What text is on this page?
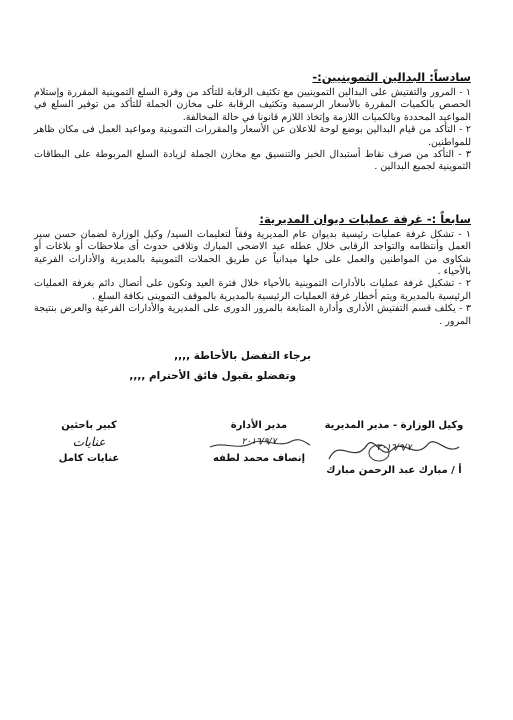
سادساً: البدالين التموينيين:-

١ - المرور والتفتيش على البدالين التموينيين مع تكثيف الرقابة للتأكد من وفرة السلع التموينية المقررة وإستلام الحصص بالكميات المقررة بالأسعار الرسمية وتكثيف الرقابة على مخازن الجملة للتأكد من توفير السلع في المواعيد المحددة وبالكميات اللازمة وإتخاذ اللازم قانونا في حالة المخالفة.

٢ - التأكد من قيام البدالين بوضع لوحة للاعلان عن الأسعار والمقررات التموينية ومواعيد العمل فى مكان ظاهر للمواطنين.

٣ - التأكد من صرف نقاط أستبدال الخبز والتنسيق مع مخازن الجملة لزيادة السلع المربوطة على البطاقات التموينية لجميع البدالين .

سابعاً :- غرفة عمليات ديوان المديرية:

١ - تشكل غرفة عمليات رئيسية بديوان عام المديرية وفقاً لتعليمات السيد/ وكيل الوزارة لضمان حسن سير العمل وأنتظامه والتواجد الرقابى خلال عطله عيد الاضحى المبارك وتلافى حدوث أى ملاحظات أو بلاغات أو شكاوى من المواطنين والعمل على حلها ميدانياً عن طريق الحملات التموينية بالمديرية والأدارات الفرعية بالأحياء .

٢ - تشكيل غرفة عمليات بالأدارات التموينية بالأحياء خلال فترة العيد وتكون على أتصال دائم بغرفة العمليات الرئيسية بالمديرية ويتم أخطار غرفة العمليات الرئيسية بالمديرية بالموقف التموينى بكافة السلع .

٣ - يكلف قسم التفتيش الأدارى وأدارة المتابعة بالمرور الدورى على المديرية والأدارات الفرعية والعرض بنتيجة المرور .

برجاء التفضل بالأحاطة ,,,,
وتفضلو بقبول فائق الأحترام ,,,,
وكيل الوزارة - مدير المديرية
٢٠١٦/٩/٧
أ / مبارك عبد الرحمن مبارك
مدير الأدارة
٢٠١٦/٩/٧
إنصاف محمد لطفه
كبير باحثين
عنايات
عنايات كامل
